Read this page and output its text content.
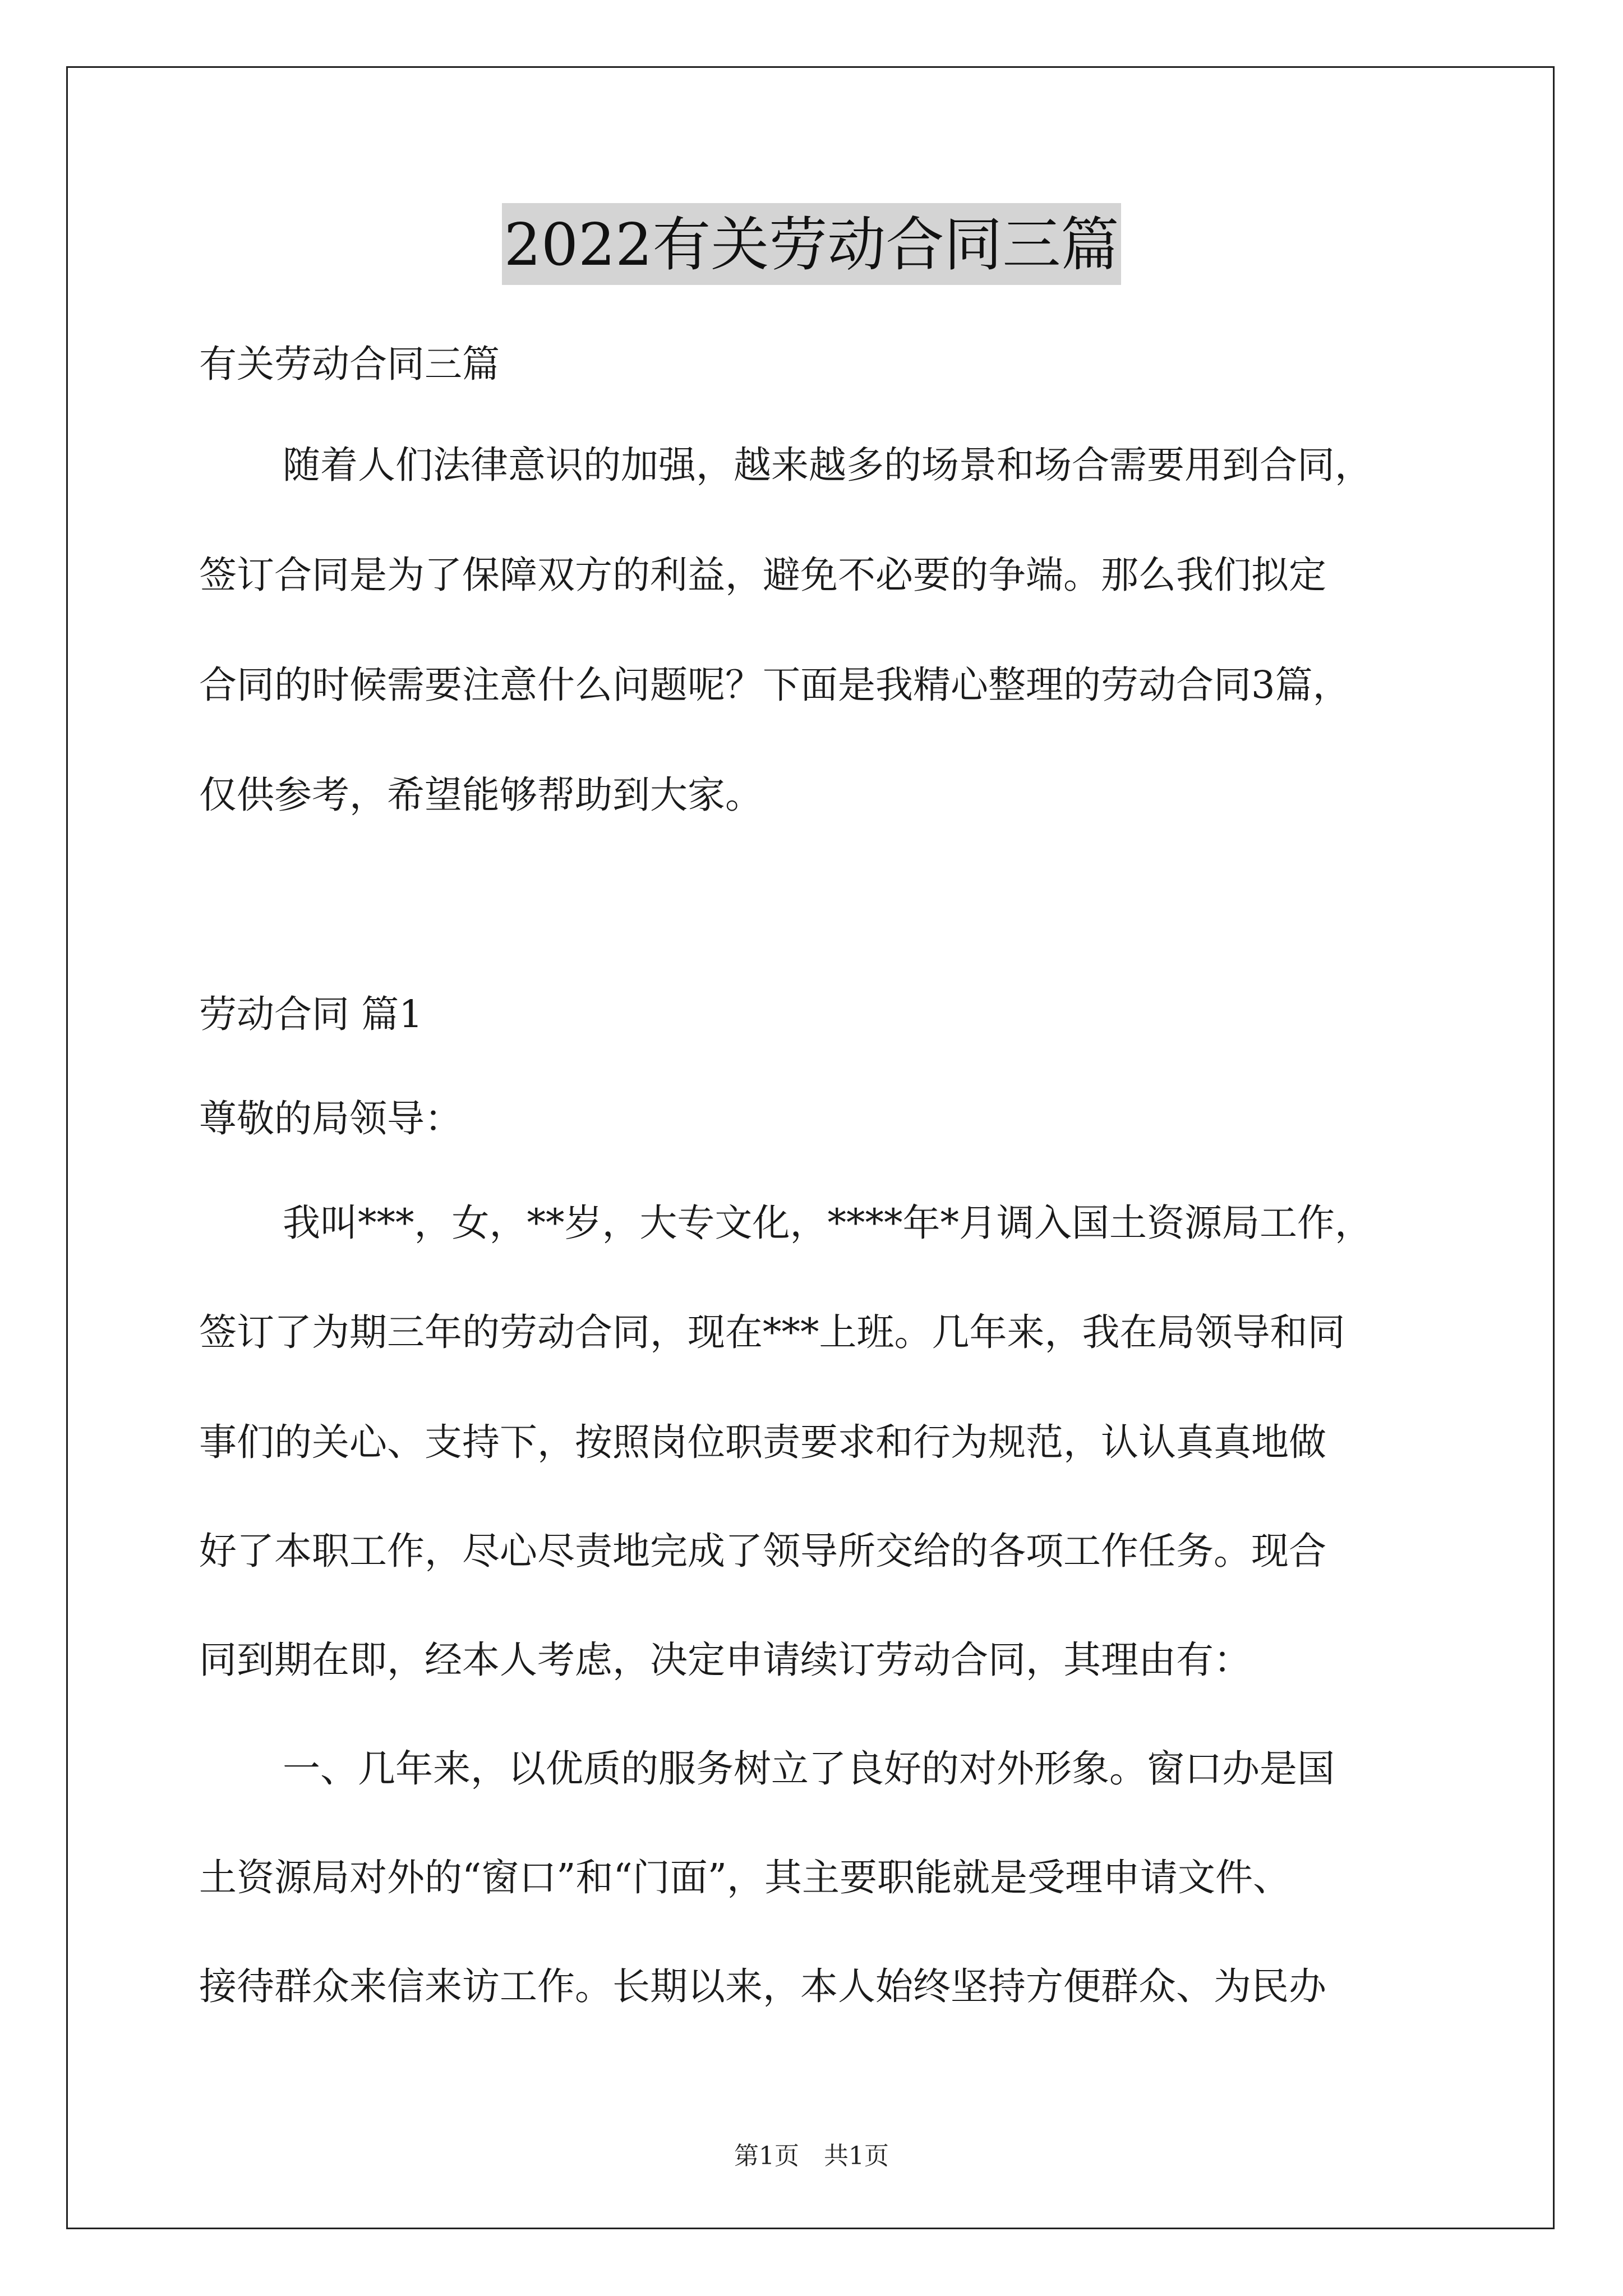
2022有关劳动合同三篇
有关劳动合同三篇
随着人们法律意识的加强，越来越多的场景和场合需要用到合同，
签订合同是为了保障双方的利益，避免不必要的争端。那么我们拟定
合同的时候需要注意什么问题呢？下面是我精心整理的劳动合同3篇，
仅供参考，希望能够帮助到大家。
劳动合同 篇1
尊敬的局领导：
我叫***，女，**岁，大专文化，****年*月调入国土资源局工作，
签订了为期三年的劳动合同，现在***上班。几年来，我在局领导和同
事们的关心、支持下，按照岗位职责要求和行为规范，认认真真地做
好了本职工作，尽心尽责地完成了领导所交给的各项工作任务。现合
同到期在即，经本人考虑，决定申请续订劳动合同，其理由有：
一、几年来，以优质的服务树立了良好的对外形象。窗口办是国
土资源局对外的“窗口”和“门面”，其主要职能就是受理申请文件、
接待群众来信来访工作。长期以来，本人始终坚持方便群众、为民办
第1页　共1页
